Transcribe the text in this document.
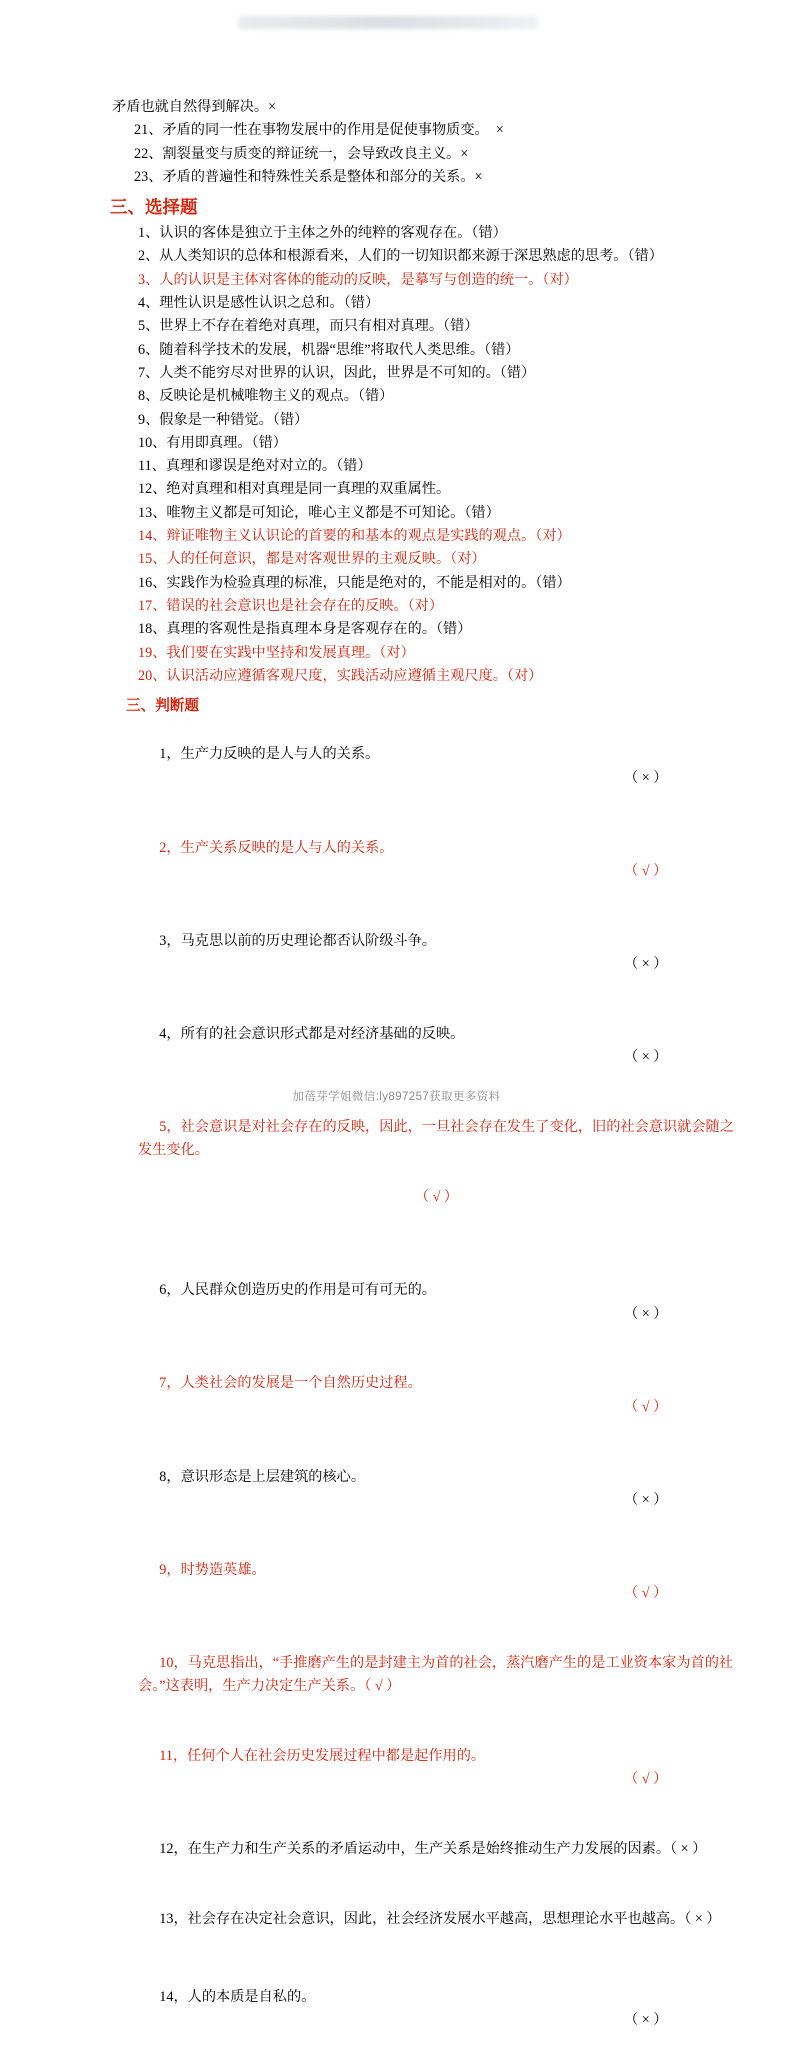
矛盾也就自然得到解决。×
21、矛盾的同一性在事物发展中的作用是促使事物质变。  ×
22、割裂量变与质变的辩证统一，会导致改良主义。×
23、矛盾的普遍性和特殊性关系是整体和部分的关系。×
三、选择题
1、认识的客体是独立于主体之外的纯粹的客观存在。（错）
2、从人类知识的总体和根源看来，人们的一切知识都来源于深思熟虑的思考。（错）
3、人的认识是主体对客体的能动的反映，是摹写与创造的统一。（对）
4、理性认识是感性认识之总和。（错）
5、世界上不存在着绝对真理，而只有相对真理。（错）
6、随着科学技术的发展，机器“思维”将取代人类思维。（错）
7、人类不能穷尽对世界的认识，因此，世界是不可知的。（错）
8、反映论是机械唯物主义的观点。（错）
9、假象是一种错觉。（错）
10、有用即真理。（错）
11、真理和谬误是绝对对立的。（错）
12、绝对真理和相对真理是同一真理的双重属性。
13、唯物主义都是可知论，唯心主义都是不可知论。（错）
14、辩证唯物主义认识论的首要的和基本的观点是实践的观点。（对）
15、人的任何意识，都是对客观世界的主观反映。（对）
16、实践作为检验真理的标准，只能是绝对的，不能是相对的。（错）
17、错误的社会意识也是社会存在的反映。（对）
18、真理的客观性是指真理本身是客观存在的。（错）
19、我们要在实践中坚持和发展真理。（对）
20、认识活动应遵循客观尺度，实践活动应遵循主观尺度。（对）
三、判断题

1，生产力反映的是人与人的关系。

（ × ）

2，生产关系反映的是人与人的关系。

（ √ ）

3，马克思以前的历史理论都否认阶级斗争。

（ × ）

4，所有的社会意识形式都是对经济基础的反映。

（ × ）

5，社会意识是对社会存在的反映，因此，一旦社会存在发生了变化，旧的社会意识就会随之发生变化。

（ √ ）

6，人民群众创造历史的作用是可有可无的。

（ × ）

7，人类社会的发展是一个自然历史过程。

（ √ ）

8，意识形态是上层建筑的核心。

（ × ）

9，时势造英雄。

（ √ ）

10，马克思指出，“手推磨产生的是封建主为首的社会，蒸汽磨产生的是工业资本家为首的社会。”这表明，生产力决定生产关系。（ √ ）

11，任何个人在社会历史发展过程中都是起作用的。

（ √ ）

12，在生产力和生产关系的矛盾运动中，生产关系是始终推动生产力发展的因素。（ × ）

13，社会存在决定社会意识，因此，社会经济发展水平越高，思想理论水平也越高。（ × ）

14，人的本质是自私的。

（ × ）

加蓓芽学姐微信:ly897257获取更多资料
